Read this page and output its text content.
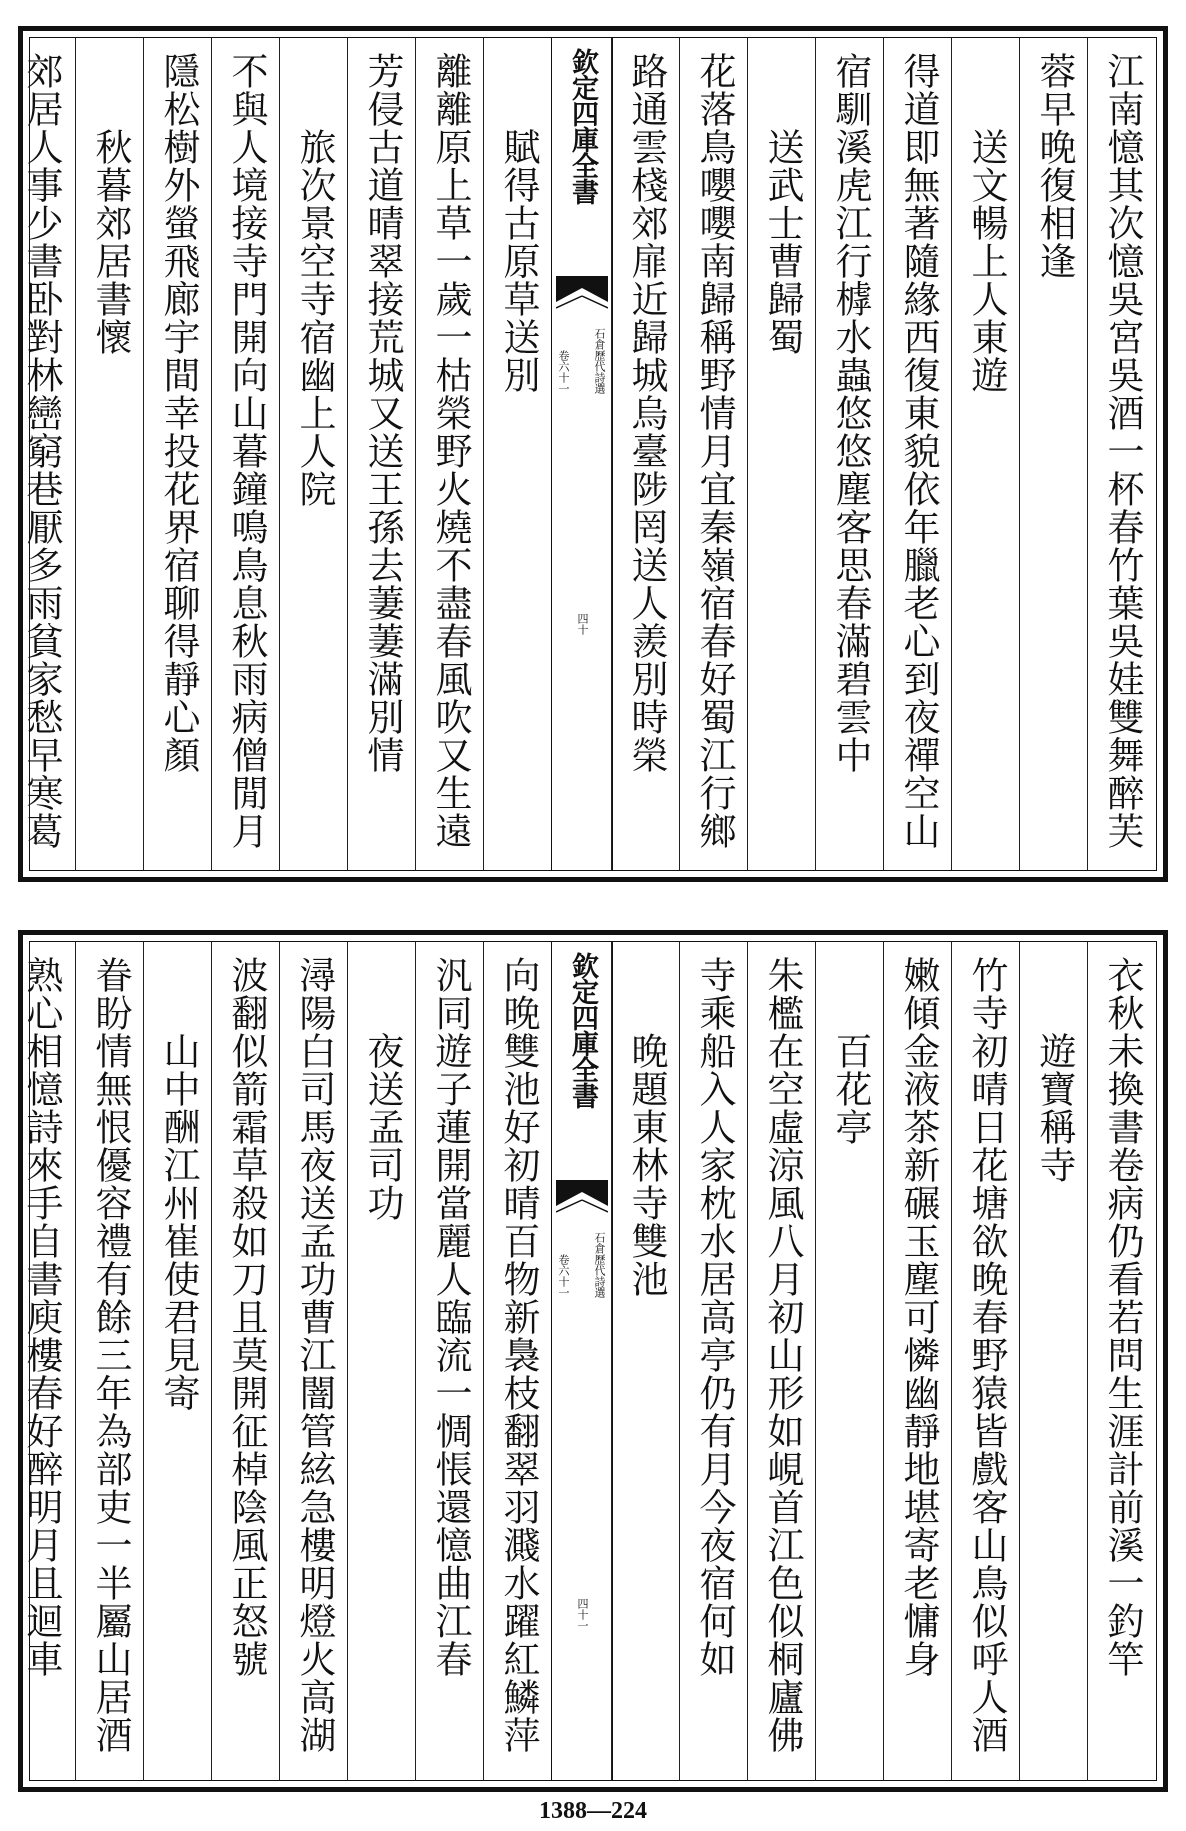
江南憶其次憶吳宮吳酒一杯春竹葉吳娃雙舞醉芙
蓉早晚復相逢
送文暢上人東遊
得道即無著隨緣西復東貌依年臘老心到夜禪空山
宿馴溪虎江行㯉水蟲悠悠塵客思春滿碧雲中
送武士曹歸蜀
花落鳥嚶嚶南歸稱野情月宜秦嶺宿春好蜀江行鄉
路通雲棧郊扉近歸城烏臺陟罔送人羨別時榮
欽定四庫全書
石倉歷代詩選
卷六十一
四十
賦得古原草送別
離離原上草一歲一枯榮野火燒不盡春風吹又生遠
芳侵古道晴翠接荒城又送王孫去萋萋滿別情
旅次景空寺宿幽上人院
不與人境接寺門開向山暮鐘鳴鳥息秋雨病僧閒月
隱松樹外螢飛廊宇間幸投花界宿聊得靜心顏
秋暮郊居書懷
郊居人事少書卧對林巒窮巷厭多雨貧家愁早寒葛
衣秋未換書卷病仍看若問生涯計前溪一釣竿
遊寶稱寺
竹寺初晴日花塘欲晚春野猿皆戲客山鳥似呼人酒
嫩傾金液茶新碾玉塵可憐幽靜地堪寄老慵身
百花亭
朱檻在空虛涼風八月初山形如峴首江色似桐廬佛
寺乘船入人家枕水居高亭仍有月今夜宿何如
晚題東林寺雙池
欽定四庫全書
石倉歷代詩選
卷六十一
四十一
向晚雙池好初晴百物新裊枝翻翠羽濺水躍紅鱗萍
汎同遊子蓮開當麗人臨流一惆悵還憶曲江春
夜送孟司功
潯陽白司馬夜送孟功曹江闇管絃急樓明燈火高湖
波翻似箭霜草殺如刀且莫開征棹陰風正怒號
山中酬江州崔使君見寄
眷盼情無恨優容禮有餘三年為部吏一半屬山居酒
熟心相憶詩來手自書庾樓春好醉明月且迴車
1388—224
